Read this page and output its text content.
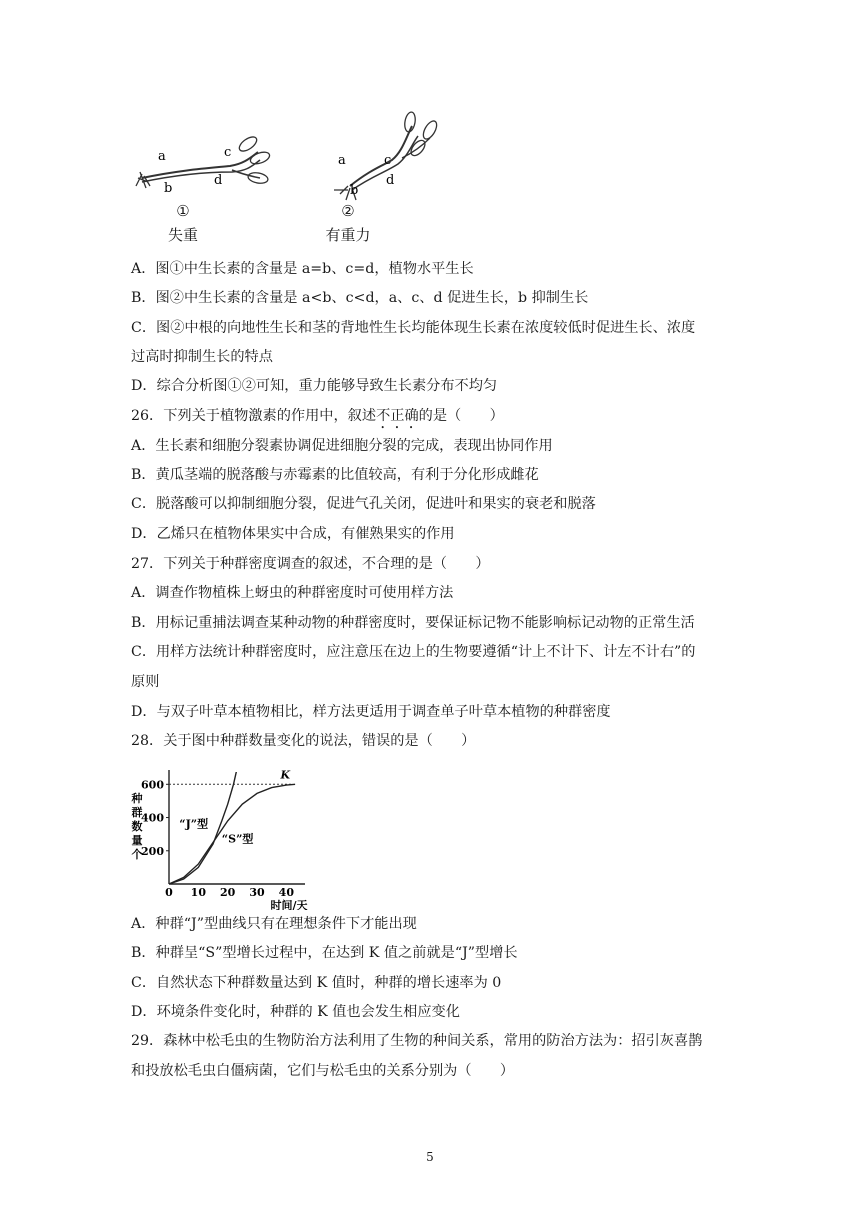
a
b
c
d
a
b
c
d
①
失重
②
有重力
A．图①中生长素的含量是 a=b、c=d，植物水平生长
B．图②中生长素的含量是 a<b、c<d，a、c、d 促进生长，b 抑制生长
C．图②中根的向地性生长和茎的背地性生长均能体现生长素在浓度较低时促进生长、浓度
过高时抑制生长的特点
D．综合分析图①②可知，重力能够导致生长素分布不均匀
26．下列关于植物激素的作用中，叙述不正确的是（　　）
A．生长素和细胞分裂素协调促进细胞分裂的完成，表现出协同作用
B．黄瓜茎端的脱落酸与赤霉素的比值较高，有利于分化形成雌花
C．脱落酸可以抑制细胞分裂，促进气孔关闭，促进叶和果实的衰老和脱落
D．乙烯只在植物体果实中合成，有催熟果实的作用
27．下列关于种群密度调查的叙述，不合理的是（　　）
A．调查作物植株上蚜虫的种群密度时可使用样方法
B．用标记重捕法调查某种动物的种群密度时，要保证标记物不能影响标记动物的正常生活
C．用样方法统计种群密度时，应注意压在边上的生物要遵循“计上不计下、计左不计右”的
原则
D．与双子叶草本植物相比，样方法更适用于调查单子叶草本植物的种群密度
28．关于图中种群数量变化的说法，错误的是（　　）
200
400
600
0 10 20 30 40
K
“J”型
“S”型
种
群
数
量
个
时间/天
A．种群“J”型曲线只有在理想条件下才能出现
B．种群呈“S”型增长过程中，在达到 K 值之前就是“J”型增长
C．自然状态下种群数量达到 K 值时，种群的增长速率为 0
D．环境条件变化时，种群的 K 值也会发生相应变化
29．森林中松毛虫的生物防治方法利用了生物的种间关系，常用的防治方法为：招引灰喜鹊
和投放松毛虫白僵病菌，它们与松毛虫的关系分别为（　　）
5
